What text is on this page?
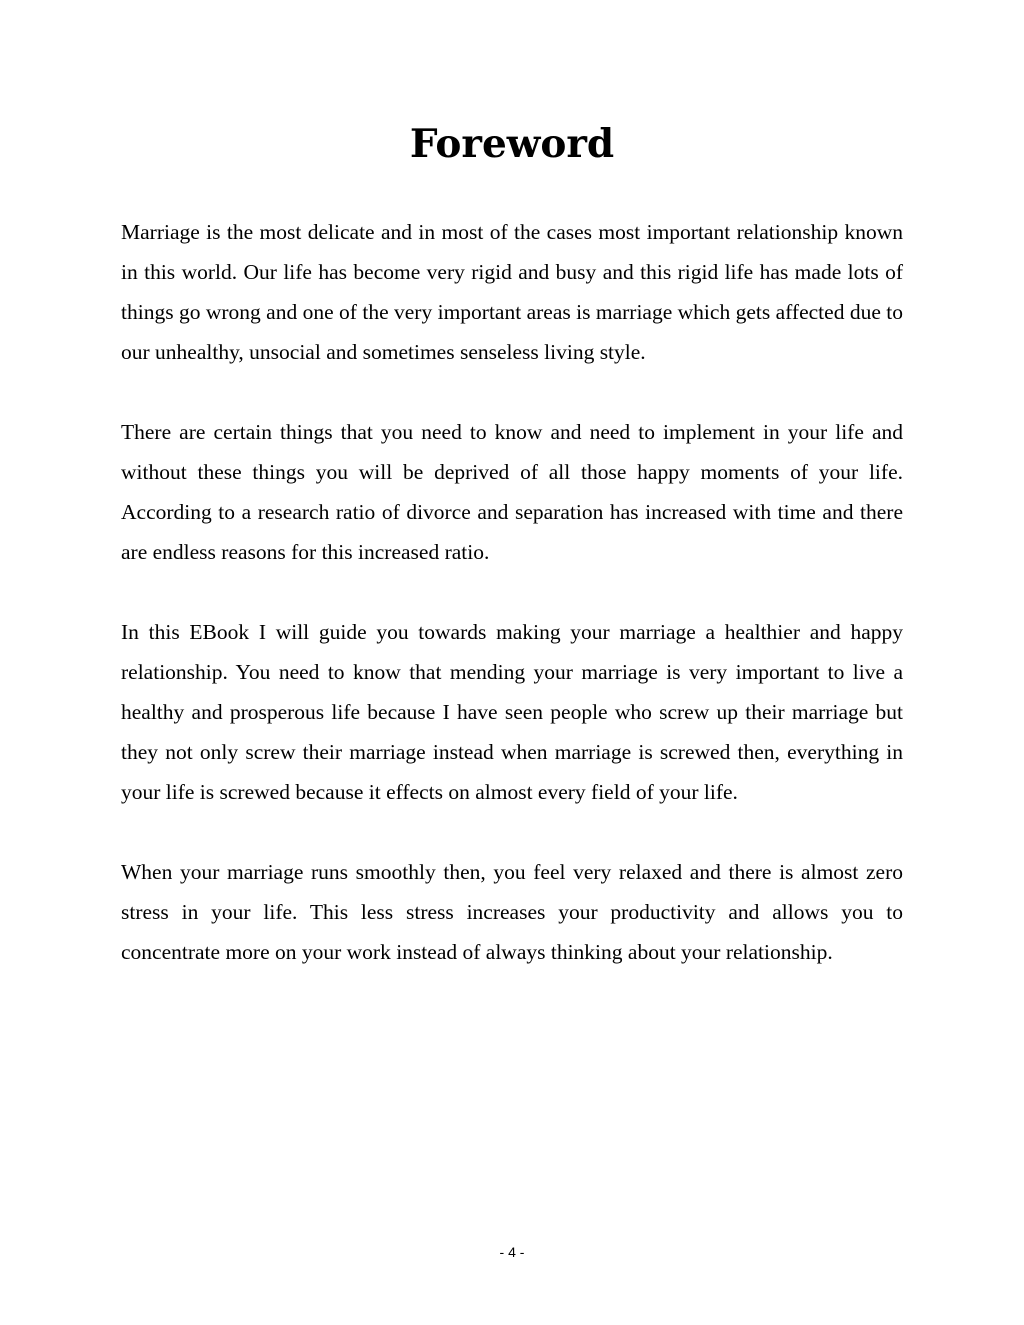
Foreword

Marriage is the most delicate and in most of the cases most important relationship known in this world. Our life has become very rigid and busy and this rigid life has made lots of things go wrong and one of the very important areas is marriage which gets affected due to our unhealthy, unsocial and sometimes senseless living style.

There are certain things that you need to know and need to implement in your life and without these things you will be deprived of all those happy moments of your life. According to a research ratio of divorce and separation has increased with time and there are endless reasons for this increased ratio.

In this EBook I will guide you towards making your marriage a healthier and happy relationship. You need to know that mending your marriage is very important to live a healthy and prosperous life because I have seen people who screw up their marriage but they not only screw their marriage instead when marriage is screwed then, everything in your life is screwed because it effects on almost every field of your life.

When your marriage runs smoothly then, you feel very relaxed and there is almost zero stress in your life. This less stress increases your productivity and allows you to concentrate more on your work instead of always thinking about your relationship.

- 4 -
